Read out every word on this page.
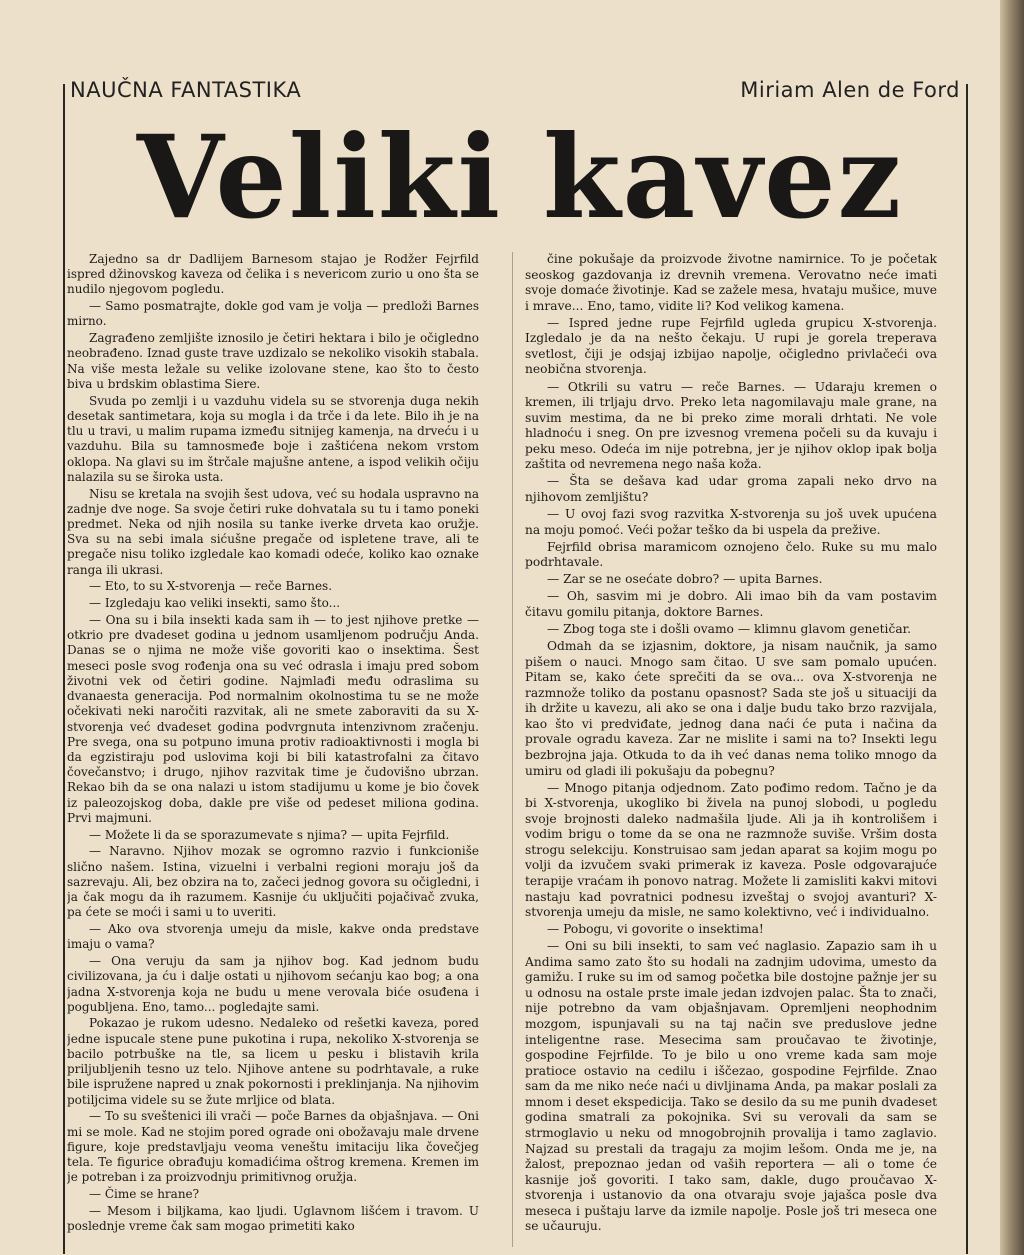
NAUČNA FANTASTIKA	Miriam Alen de Ford
Veliki kavez

Zajedno sa dr Dadlijem Barnesom stajao je Rodžer Fejrfild ispred džinovskog kaveza od čelika i s nevericom zurio u ono šta se nudilo njegovom pogledu.

— Samo posmatrajte, dokle god vam je volja — predloži Barnes mirno.

Zagrađeno zemljište iznosilo je četiri hektara i bilo je očigledno neobrađeno. Iznad guste trave uzdizalo se nekoliko visokih stabala. Na više mesta ležale su velike izolovane stene, kao što to često biva u brdskim oblastima Siere.

Svuda po zemlji i u vazduhu videla su se stvorenja duga nekih desetak santimetara, koja su mogla i da trče i da lete. Bilo ih je na tlu u travi, u malim rupama između sitnijeg kamenja, na drveću i u vazduhu. Bila su tamnosmeđe boje i zaštićena nekom vrstom oklopa. Na glavi su im štrčale majušne antene, a ispod velikih očiju nalazila su se široka usta.

Nisu se kretala na svojih šest udova, već su hodala uspravno na zadnje dve noge. Sa svoje četiri ruke dohvatala su tu i tamo poneki predmet. Neka od njih nosila su tanke iverke drveta kao oružje. Sva su na sebi imala sićušne pregače od ispletene trave, ali te pregače nisu toliko izgledale kao komadi odeće, koliko kao oznake ranga ili ukrasi.

— Eto, to su X-stvorenja — reče Barnes.

— Izgledaju kao veliki insekti, samo što...

— Ona su i bila insekti kada sam ih — to jest njihove pretke — otkrio pre dvadeset godina u jednom usamljenom području Anda. Danas se o njima ne može više govoriti kao o insektima. Šest meseci posle svog rođenja ona su već odrasla i imaju pred sobom životni vek od četiri godine. Najmlađi među odraslima su dvanaesta generacija. Pod normalnim okolnostima tu se ne može očekivati neki naročiti razvitak, ali ne smete zaboraviti da su X-stvorenja već dvadeset godina podvrgnuta intenzivnom zračenju. Pre svega, ona su potpuno imuna protiv radioaktivnosti i mogla bi da egzistiraju pod uslovima koji bi bili katastrofalni za čitavo čovečanstvo; i drugo, njihov razvitak time je čudovišno ubrzan. Rekao bih da se ona nalazi u istom stadijumu u kome je bio čovek iz paleozojskog doba, dakle pre više od pedeset miliona godina. Prvi majmuni.

— Možete li da se sporazumevate s njima? — upita Fejrfild.

— Naravno. Njihov mozak se ogromno razvio i funkcioniše slično našem. Istina, vizuelni i verbalni regioni moraju još da sazrevaju. Ali, bez obzira na to, začeci jednog govora su očigledni, i ja čak mogu da ih razumem. Kasnije ću uključiti pojačivač zvuka, pa ćete se moći i sami u to uveriti.

— Ako ova stvorenja umeju da misle, kakve onda predstave imaju o vama?

— Ona veruju da sam ja njihov bog. Kad jednom budu civilizovana, ja ću i dalje ostati u njihovom sećanju kao bog; a ona jadna X-stvorenja koja ne budu u mene verovala biće osuđena i pogubljena. Eno, tamo... pogledajte sami.

Pokazao je rukom udesno. Nedaleko od rešetki kaveza, pored jedne ispucale stene pune pukotina i rupa, nekoliko X-stvorenja se bacilo potrbuške na tle, sa licem u pesku i blistavih krila priljubljenih tesno uz telo. Njihove antene su podrhtavale, a ruke bile ispružene napred u znak pokornosti i preklinjanja. Na njihovim potiljcima videle su se žute mrljice od blata.

— To su sveštenici ili vrači — poče Barnes da objašnjava. — Oni mi se mole. Kad ne stojim pored ograde oni obožavaju male drvene figure, koje predstavljaju veoma veneštu imitaciju lika čovečjeg tela. Te figurice obrađuju komadićima oštrog kremena. Kremen im je potreban i za proizvodnju primitivnog oružja.

— Čime se hrane?

— Mesom i biljkama, kao ljudi. Uglavnom lišćem i travom. U poslednje vreme čak sam mogao primetiti kako

čine pokušaje da proizvode životne namirnice. To je početak seoskog gazdovanja iz drevnih vremena. Verovatno neće imati svoje domaće životinje. Kad se zažele mesa, hvataju mušice, muve i mrave... Eno, tamo, vidite li? Kod velikog kamena.

— Ispred jedne rupe Fejrfild ugleda grupicu X-stvorenja. Izgledalo je da na nešto čekaju. U rupi je gorela treperava svetlost, čiji je odsjaj izbijao napolje, očigledno privlačeći ova neobična stvorenja.

— Otkrili su vatru — reče Barnes. — Udaraju kremen o kremen, ili trljaju drvo. Preko leta nagomilavaju male grane, na suvim mestima, da ne bi preko zime morali drhtati. Ne vole hladnoću i sneg. On pre izvesnog vremena počeli su da kuvaju i peku meso. Odeća im nije potrebna, jer je njihov oklop ipak bolja zaštita od nevremena nego naša koža.

— Šta se dešava kad udar groma zapali neko drvo na njihovom zemljištu?

— U ovoj fazi svog razvitka X-stvorenja su još uvek upućena na moju pomoć. Veći požar teško da bi uspela da prežive.

Fejrfild obrisa maramicom oznojeno čelo. Ruke su mu malo podrhtavale.

— Zar se ne osećate dobro? — upita Barnes.

— Oh, sasvim mi je dobro. Ali imao bih da vam postavim čitavu gomilu pitanja, doktore Barnes.

— Zbog toga ste i došli ovamo — klimnu glavom genetičar.

Odmah da se izjasnim, doktore, ja nisam naučnik, ja samo pišem o nauci. Mnogo sam čitao. U sve sam pomalo upućen. Pitam se, kako ćete sprečiti da se ova... ova X-stvorenja ne razmnože toliko da postanu opasnost? Sada ste još u situaciji da ih držite u kavezu, ali ako se ona i dalje budu tako brzo razvijala, kao što vi predviđate, jednog dana naći će puta i načina da provale ogradu kaveza. Zar ne mislite i sami na to? Insekti legu bezbrojna jaja. Otkuda to da ih već danas nema toliko mnogo da umiru od gladi ili pokušaju da pobegnu?

— Mnogo pitanja odjednom. Zato pođimo redom. Tačno je da bi X-stvorenja, ukogliko bi živela na punoj slobodi, u pogledu svoje brojnosti daleko nadmašila ljude. Ali ja ih kontrolišem i vodim brigu o tome da se ona ne razmnože suviše. Vršim dosta strogu selekciju. Konstruisao sam jedan aparat sa kojim mogu po volji da izvučem svaki primerak iz kaveza. Posle odgovarajuće terapije vraćam ih ponovo natrag. Možete li zamisliti kakvi mitovi nastaju kad povratnici podnesu izveštaj o svojoj avanturi? X-stvorenja umeju da misle, ne samo kolektivno, već i individualno.

— Pobogu, vi govorite o insektima!

— Oni su bili insekti, to sam već naglasio. Zapazio sam ih u Andima samo zato što su hodali na zadnjim udovima, umesto da gamižu. I ruke su im od samog početka bile dostojne pažnje jer su u odnosu na ostale prste imale jedan izdvojen palac. Šta to znači, nije potrebno da vam objašnjavam. Opremljeni neophodnim mozgom, ispunjavali su na taj način sve preduslove jedne inteligentne rase. Mesecima sam proučavao te životinje, gospodine Fejrfilde. To je bilo u ono vreme kada sam moje pratioce ostavio na cedilu i iščezao, gospodine Fejrfilde. Znao sam da me niko neće naći u divljinama Anda, pa makar poslali za mnom i deset ekspedicija. Tako se desilo da su me punih dvadeset godina smatrali za pokojnika. Svi su verovali da sam se strmoglavio u neku od mnogobrojnih provalija i tamo zaglavio. Najzad su prestali da tragaju za mojim lešom. Onda me je, na žalost, prepoznao jedan od vaših reportera — ali o tome će kasnije još govoriti. I tako sam, dakle, dugo proučavao X-stvorenja i ustanovio da ona otvaraju svoje jajašca posle dva meseca i puštaju larve da izmile napolje. Posle još tri meseca one se učauruju.
